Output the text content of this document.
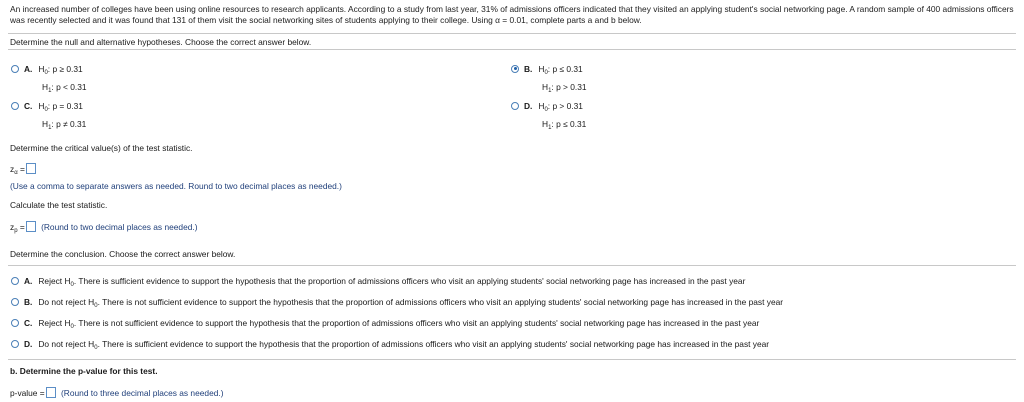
An increased number of colleges have been using online resources to research applicants. According to a study from last year, 31% of admissions officers indicated that they visited an applying student's social networking page. A random sample of 400 admissions officers was recently selected and it was found that 131 of them visit the social networking sites of students applying to their college. Using α = 0.01, complete parts a and b below.
Determine the null and alternative hypotheses. Choose the correct answer below.
A. $H_0$: p ≥ 0.31
$H_1$: p < 0.31
B. $H_0$: p ≤ 0.31
$H_1$: p > 0.31
C. $H_0$: p = 0.31
$H_1$: p ≠ 0.31
D. $H_0$: p > 0.31
$H_1$: p ≤ 0.31
Determine the critical value(s) of the test statistic.
$z_\alpha$ =
(Use a comma to separate answers as needed. Round to two decimal places as needed.)
Calculate the test statistic.
$z_p$ = (Round to two decimal places as needed.)
Determine the conclusion. Choose the correct answer below.
A. Reject $H_0$. There is sufficient evidence to support the hypothesis that the proportion of admissions officers who visit an applying students' social networking page has increased in the past year
B. Do not reject $H_0$. There is not sufficient evidence to support the hypothesis that the proportion of admissions officers who visit an applying students' social networking page has increased in the past year
C. Reject $H_0$. There is not sufficient evidence to support the hypothesis that the proportion of admissions officers who visit an applying students' social networking page has increased in the past year
D. Do not reject $H_0$. There is sufficient evidence to support the hypothesis that the proportion of admissions officers who visit an applying students' social networking page has increased in the past year
b. Determine the p-value for this test.
p-value = (Round to three decimal places as needed.)
